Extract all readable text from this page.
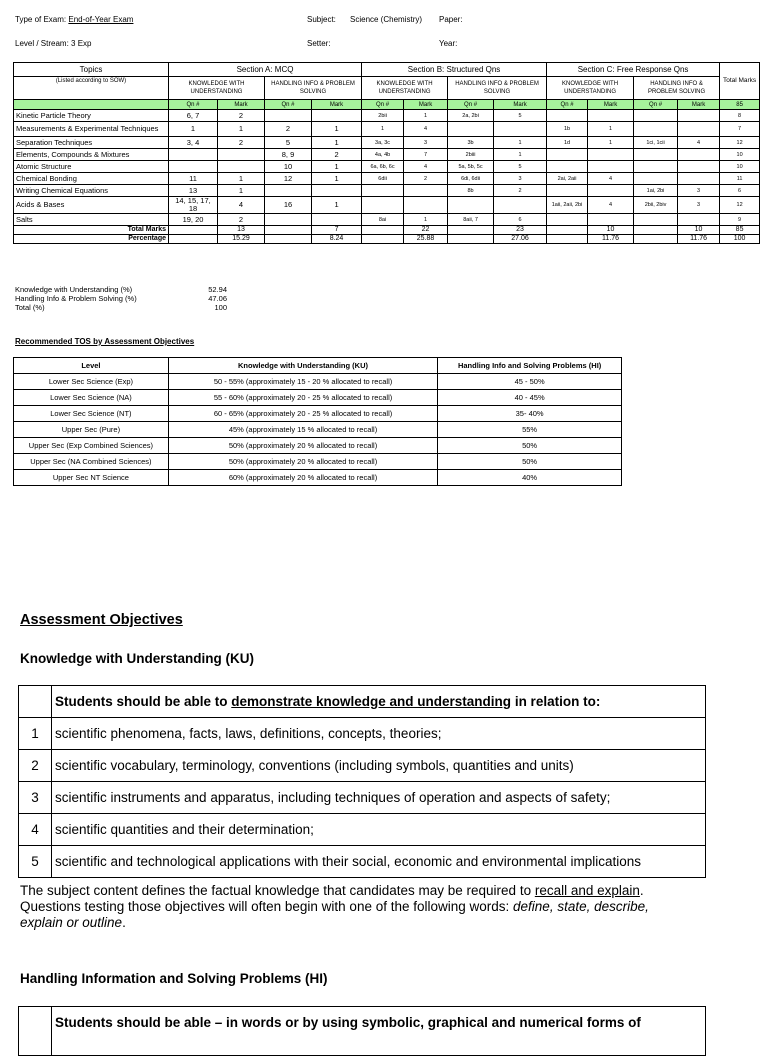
Type of Exam: End-of-Year Exam	Subject: Science (Chemistry) Paper:
Level / Stream: 3 Exp	Setter:	Year:
Topics	Section A: MCQ				Section B: Structured Qns				Section C: Free Response Qns				Total Marks
(Listed according to SOW)	KNOWLEDGE WITH UNDERSTANDING		HANDLING INFO & PROBLEM SOLVING		KNOWLEDGE WITH UNDERSTANDING		HANDLING INFO & PROBLEM SOLVING		KNOWLEDGE WITH UNDERSTANDING		HANDLING INFO & PROBLEM SOLVING		
	Qn #	Mark	Qn #	Mark	Qn #	Mark	Qn #	Mark	Qn #	Mark	Qn #	Mark	85
Kinetic Particle Theory	6, 7	2			2bii	1	2a, 2bi	5					8
Measurements & Experimental Techniques	1	1	2	1	1	4			1b	1			7
Separation Techniques	3, 4	2	5	1	3a, 3c	3	3b	1	1d	1	1ci, 1cii	4	12
Elements, Compounds & Mixtures			8, 9	2	4a, 4b	7	2biii	1					10
Atomic Structure			10	1	6a, 6b, 6c	4	5a, 5b, 5c	5					10
Chemical Bonding	11	1	12	1	6dii	2	6di, 6dii	3	2ai, 2aii	4			11
Writing Chemical Equations	13	1					8b	2			1ai, 2bi	3	6
Acids & Bases	14, 15, 17, 18	4	16	1					1aii, 2aii, 2bi	4	2bii, 2biv	3	12
Salts	19, 20	2			8ai	1	8aii, 7	6					9
Total Marks		13		7		22		23		10		10	85
Percentage		15.29		8.24		25.88		27.06		11.76		11.76	100
Knowledge with Understanding (%)	52.94
Handling Info & Problem Solving (%)	47.06
Total (%)	100
Recommended TOS by Assessment Objectives
Level	Knowledge with Understanding (KU)	Handling Info and Solving Problems (HI)
Lower Sec Science (Exp)	50 - 55% (approximately 15 - 20 % allocated to recall)	45 - 50%
Lower Sec Science (NA)	55 - 60% (approximately 20 - 25 % allocated to recall)	40 - 45%
Lower Sec Science (NT)	60 - 65% (approximately 20 - 25 % allocated to recall)	35- 40%
Upper Sec (Pure)	45% (approximately 15 % allocated to recall)	55%
Upper Sec (Exp Combined Sciences)	50% (approximately 20 % allocated to recall)	50%
Upper Sec (NA Combined Sciences)	50% (approximately 20 % allocated to recall)	50%
Upper Sec NT Science	60% (approximately 20 % allocated to recall)	40%
Assessment Objectives
Knowledge with Understanding (KU)
	Students should be able to demonstrate knowledge and understanding in relation to:
1	scientific phenomena, facts, laws, definitions, concepts, theories;
2	scientific vocabulary, terminology, conventions (including symbols, quantities and units)
3	scientific instruments and apparatus, including techniques of operation and aspects of safety;
4	scientific quantities and their determination;
5	scientific and technological applications with their social, economic and environmental implications
The subject content defines the factual knowledge that candidates may be required to recall and explain.
Questions testing those objectives will often begin with one of the following words: define, state, describe,
explain or outline.
Handling Information and Solving Problems (HI)
	Students should be able – in words or by using symbolic, graphical and numerical forms of
